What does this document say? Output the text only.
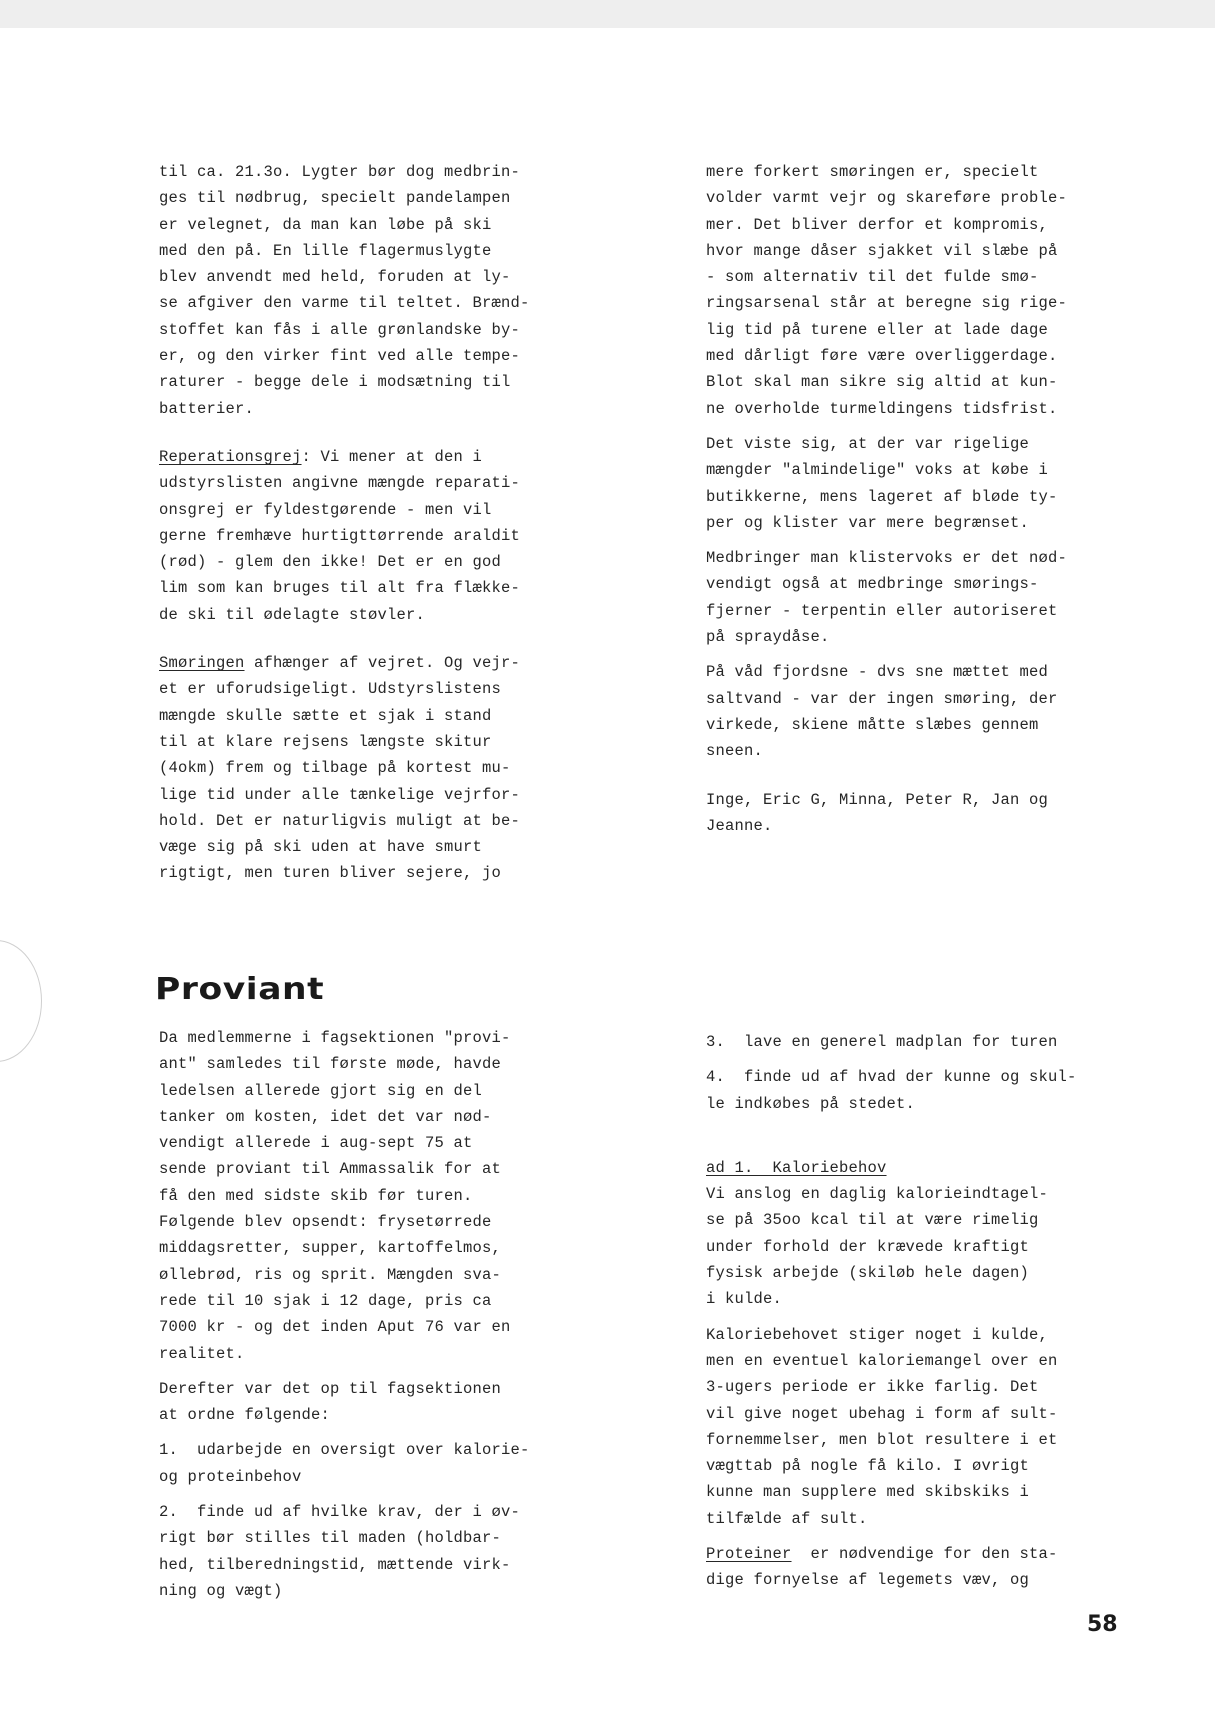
til ca. 21.3o. Lygter bør dog medbrin-
ges til nødbrug, specielt pandelampen
er velegnet, da man kan løbe på ski
med den på. En lille flagermuslygte
blev anvendt med held, foruden at ly-
se afgiver den varme til teltet. Brænd-
stoffet kan fås i alle grønlandske by-
er, og den virker fint ved alle tempe-
raturer - begge dele i modsætning til
batterier.
Reperationsgrej: Vi mener at den i
udstyrslisten angivne mængde reparati-
onsgrej er fyldestgørende - men vil
gerne fremhæve hurtigttørrende araldit
(rød) - glem den ikke! Det er en god
lim som kan bruges til alt fra flække-
de ski til ødelagte støvler.
Smøringen afhænger af vejret. Og vejr-
et er uforudsigeligt. Udstyrslistens
mængde skulle sætte et sjak i stand
til at klare rejsens længste skitur
(4okm) frem og tilbage på kortest mu-
lige tid under alle tænkelige vejrfor-
hold. Det er naturligvis muligt at be-
væge sig på ski uden at have smurt
rigtigt, men turen bliver sejere, jo
mere forkert smøringen er, specielt
volder varmt vejr og skareføre proble-
mer. Det bliver derfor et kompromis,
hvor mange dåser sjakket vil slæbe på
- som alternativ til det fulde smø-
ringsarsenal står at beregne sig rige-
lig tid på turene eller at lade dage
med dårligt føre være overliggerdage.
Blot skal man sikre sig altid at kun-
ne overholde turmeldingens tidsfrist.
Det viste sig, at der var rigelige
mængder "almindelige" voks at købe i
butikkerne, mens lageret af bløde ty-
per og klister var mere begrænset.
Medbringer man klistervoks er det nød-
vendigt også at medbringe smørings-
fjerner - terpentin eller autoriseret
på spraydåse.
På våd fjordsne - dvs sne mættet med
saltvand - var der ingen smøring, der
virkede, skiene måtte slæbes gennem
sneen.
Inge, Eric G, Minna, Peter R, Jan og
Jeanne.
Proviant
Da medlemmerne i fagsektionen "provi-
ant" samledes til første møde, havde
ledelsen allerede gjort sig en del
tanker om kosten, idet det var nød-
vendigt allerede i aug-sept 75 at
sende proviant til Ammassalik for at
få den med sidste skib før turen.
Følgende blev opsendt: frysetørrede
middagsretter, supper, kartoffelmos,
øllebrød, ris og sprit. Mængden sva-
rede til 10 sjak i 12 dage, pris ca
7000 kr - og det inden Aput 76 var en
realitet.
Derefter var det op til fagsektionen
at ordne følgende:
1.  udarbejde en oversigt over kalorie-
og proteinbehov
2.  finde ud af hvilke krav, der i øv-
rigt bør stilles til maden (holdbar-
hed, tilberedningstid, mættende virk-
ning og vægt)
3.  lave en generel madplan for turen
4.  finde ud af hvad der kunne og skul-
le indkøbes på stedet.
ad 1.  Kaloriebehov
Vi anslog en daglig kalorieindtagel-
se på 35oo kcal til at være rimelig
under forhold der krævede kraftigt
fysisk arbejde (skiløb hele dagen)
i kulde.
Kaloriebehovet stiger noget i kulde,
men en eventuel kaloriemangel over en
3-ugers periode er ikke farlig. Det
vil give noget ubehag i form af sult-
fornemmelser, men blot resultere i et
vægttab på nogle få kilo. I øvrigt
kunne man supplere med skibskiks i
tilfælde af sult.
Proteiner  er nødvendige for den sta-
dige fornyelse af legemets væv, og
58
